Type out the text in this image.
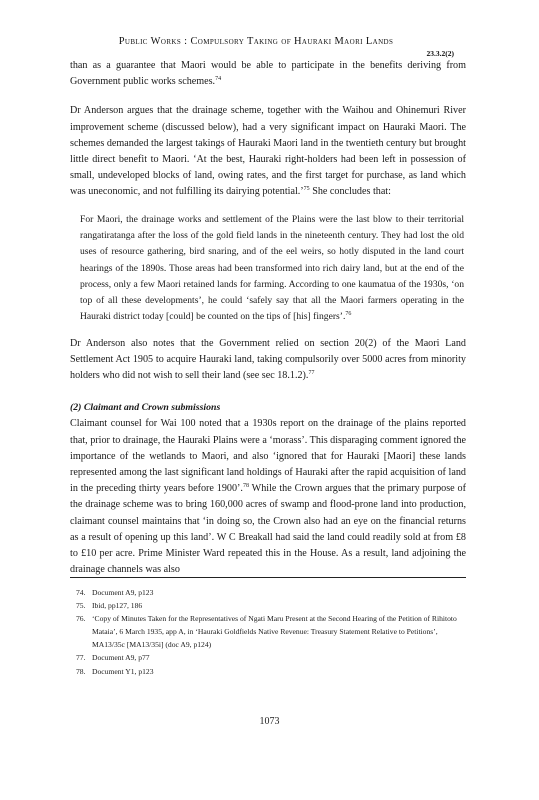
Public Works : Compulsory Taking of Hauraki Maori Lands
23.3.2(2)

than as a guarantee that Maori would be able to participate in the benefits deriving from Government public works schemes.$^{74}$

Dr Anderson argues that the drainage scheme, together with the Waihou and Ohinemuri River improvement scheme (discussed below), had a very significant impact on Hauraki Maori. The schemes demanded the largest takings of Hauraki Maori land in the twentieth century but brought little direct benefit to Maori. ‘At the best, Hauraki right-holders had been left in possession of small, undeveloped blocks of land, owing rates, and the first target for purchase, as land which was uneconomic, and not fulfilling its dairying potential.’$^{75}$ She concludes that:

For Maori, the drainage works and settlement of the Plains were the last blow to their territorial rangatiratanga after the loss of the gold field lands in the nineteenth century. They had lost the old uses of resource gathering, bird snaring, and of the eel weirs, so hotly disputed in the land court hearings of the 1890s. Those areas had been transformed into rich dairy land, but at the end of the process, only a few Maori retained lands for farming. According to one kaumatua of the 1930s, ‘on top of all these developments’, he could ‘safely say that all the Maori farmers operating in the Hauraki district today [could] be counted on the tips of [his] fingers’.$^{76}$

Dr Anderson also notes that the Government relied on section 20(2) of the Maori Land Settlement Act 1905 to acquire Hauraki land, taking compulsorily over 5000 acres from minority holders who did not wish to sell their land (see sec 18.1.2).$^{77}$

(2) Claimant and Crown submissions

Claimant counsel for Wai 100 noted that a 1930s report on the drainage of the plains reported that, prior to drainage, the Hauraki Plains were a ‘morass’. This disparaging comment ignored the importance of the wetlands to Maori, and also ‘ignored that for Hauraki [Maori] these lands represented among the last significant land holdings of Hauraki after the rapid acquisition of land in the preceding thirty years before 1900’.$^{78}$ While the Crown argues that the primary purpose of the drainage scheme was to bring 160,000 acres of swamp and flood-prone land into production, claimant counsel maintains that ‘in doing so, the Crown also had an eye on the financial returns as a result of opening up this land’. W C Breakall had said the land could readily sold at from £8 to £10 per acre. Prime Minister Ward repeated this in the House. As a result, land adjoining the drainage channels was also

74. Document A9, p123
75. Ibid, pp127, 186
76. ‘Copy of Minutes Taken for the Representatives of Ngati Maru Present at the Second Hearing of the Petition of Rihitoto Mataia’, 6 March 1935, app A, in ‘Hauraki Goldfields Native Revenue: Treasury Statement Relative to Petitions’, MA13/35c [MA13/35i] (doc A9, p124)
77. Document A9, p77
78. Document Y1, p123
1073
